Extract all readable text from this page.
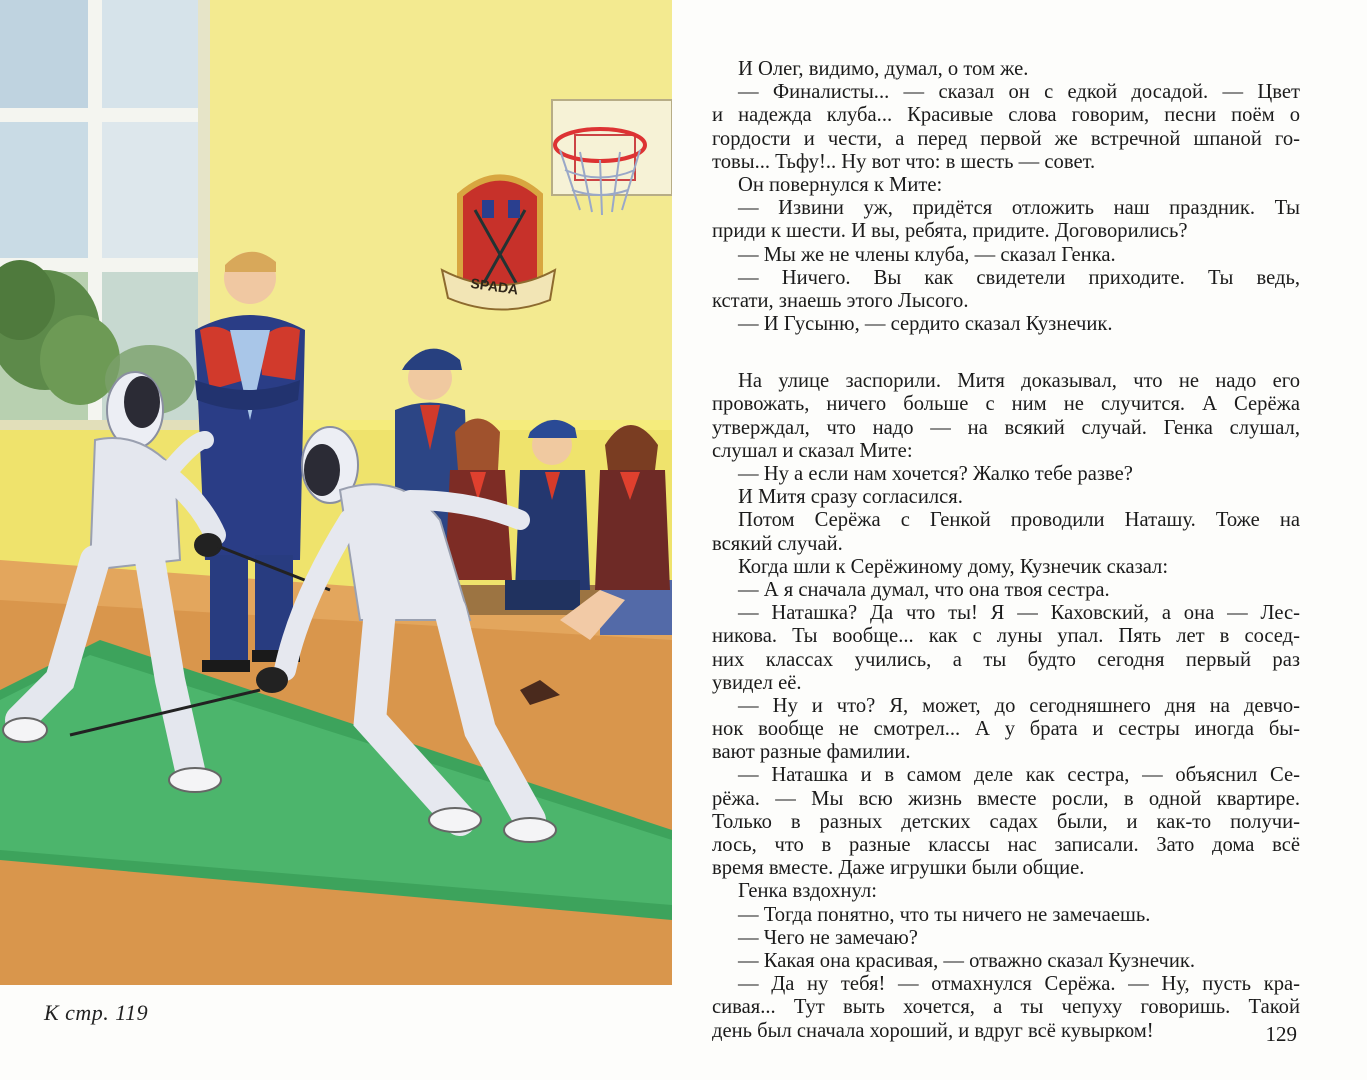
SPADA
К стр. 119
И Олег, видимо, думал, о том же.
— Финалисты... — сказал он с едкой досадой. — Цвет
и надежда клуба... Красивые слова говорим, песни поём о
гордости и чести, а перед первой же встречной шпаной го-
товы... Тьфу!.. Ну вот что: в шесть — совет.
Он повернулся к Мите:
— Извини уж, придётся отложить наш праздник. Ты
приди к шести. И вы, ребята, придите. Договорились?
— Мы же не члены клуба, — сказал Генка.
— Ничего. Вы как свидетели приходите. Ты ведь,
кстати, знаешь этого Лысого.
— И Гусыню, — сердито сказал Кузнечик.
На улице заспорили. Митя доказывал, что не надо его
провожать, ничего больше с ним не случится. А Серёжа
утверждал, что надо — на всякий случай. Генка слушал,
слушал и сказал Мите:
— Ну а если нам хочется? Жалко тебе разве?
И Митя сразу согласился.
Потом Серёжа с Генкой проводили Наташу. Тоже на
всякий случай.
Когда шли к Серёжиному дому, Кузнечик сказал:
— А я сначала думал, что она твоя сестра.
— Наташка? Да что ты! Я — Каховский, а она — Лес-
никова. Ты вообще... как с луны упал. Пять лет в сосед-
них классах учились, а ты будто сегодня первый раз
увидел её.
— Ну и что? Я, может, до сегодняшнего дня на девчо-
нок вообще не смотрел... А у брата и сестры иногда бы-
вают разные фамилии.
— Наташка и в самом деле как сестра, — объяснил Се-
рёжа. — Мы всю жизнь вместе росли, в одной квартире.
Только в разных детских садах были, и как-то получи-
лось, что в разные классы нас записали. Зато дома всё
время вместе. Даже игрушки были общие.
Генка вздохнул:
— Тогда понятно, что ты ничего не замечаешь.
— Чего не замечаю?
— Какая она красивая, — отважно сказал Кузнечик.
— Да ну тебя! — отмахнулся Серёжа. — Ну, пусть кра-
сивая... Тут выть хочется, а ты чепуху говоришь. Такой
день был сначала хороший, и вдруг всё кувырком!	129
